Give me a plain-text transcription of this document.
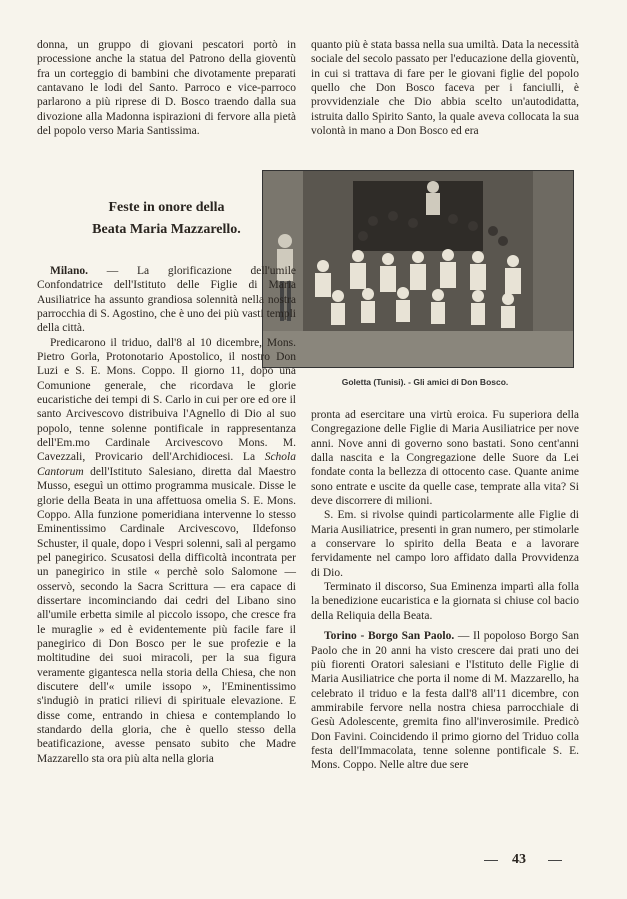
donna, un gruppo di giovani pescatori portò in processione anche la statua del Patrono della gioventù fra un corteggio di bambini che divotamente preparati cantavano le lodi del Santo. Parroco e vice-parroco parlarono a più riprese di D. Bosco traendo dalla sua divozione alla Madonna ispirazioni di fervore alla pietà del popolo verso Maria Santissima.

quanto più è stata bassa nella sua umiltà. Data la necessità sociale del secolo passato per l'educazione della gioventù, in cui si trattava di fare per le giovani figlie del popolo quello che Don Bosco faceva per i fanciulli, è provvidenziale che Dio abbia scelto un'autodidatta, istruita dallo Spirito Santo, la quale aveva collocata la sua volontà in mano a Don Bosco ed era

Feste in onore della
Beata Maria Mazzarello.
Goletta (Tunisi). - Gli amici di Don Bosco.

Milano. — La glorificazione dell'umile Confondatrice dell'Istituto delle Figlie di Maria Ausiliatrice ha assunto grandiosa solennità nella nostra parrocchia di S. Agostino, che è uno dei più vasti templi della città.

Predicarono il triduo, dall'8 al 10 dicembre, Mons. Pietro Gorla, Protonotario Apostolico, il nostro Don Luzi e S. E. Mons. Coppo. Il giorno 11, dopo una Comunione generale, che ricordava le glorie eucaristiche dei tempi di S. Carlo in cui per ore ed ore il santo Arcivescovo distribuiva l'Agnello di Dio al suo popolo, tenne solenne pontificale in rappresentanza dell'Em.mo Cardinale Arcivescovo Mons. M. Cavezzali, Provicario dell'Archidiocesi. La Schola Cantorum dell'Istituto Salesiano, diretta dal Maestro Musso, eseguì un ottimo programma musicale. Disse le glorie della Beata in una affettuosa omelia S. E. Mons. Coppo. Alla funzione pomeridiana intervenne lo stesso Eminentissimo Cardinale Arcivescovo, Ildefonso Schuster, il quale, dopo i Vespri solenni, salì al pergamo pel panegirico. Scusatosi della difficoltà incontrata per un panegirico in stile « perchè solo Salomone — osservò, secondo la Sacra Scrittura — era capace di dissertare incominciando dai cedri del Libano sino all'umile erbetta simile al piccolo issopo, che cresce fra le muraglie » ed è evidentemente più facile fare il panegirico di Don Bosco per le sue profezie e la moltitudine dei suoi miracoli, per la sua figura veramente gigantesca nella storia della Chiesa, che non discutere dell'« umile issopo », l'Eminentissimo s'indugiò in pratici rilievi di spirituale elevazione. E disse come, entrando in chiesa e contemplando lo standardo della gloria, che è quello stesso della beatificazione, avesse pensato subito che Madre Mazzarello sta ora più alta nella gloria

pronta ad esercitare una virtù eroica. Fu superiora della Congregazione delle Figlie di Maria Ausiliatrice per nove anni. Nove anni di governo sono bastati. Sono cent'anni dalla nascita e la Congregazione delle Suore da Lei fondate conta la bellezza di ottocento case. Quante anime sono entrate e uscite da quelle case, temprate alla vita? Si deve discorrere di milioni.

S. Em. si rivolse quindi particolarmente alle Figlie di Maria Ausiliatrice, presenti in gran numero, per stimolarle a conservare lo spirito della Beata e a lavorare fervidamente nel campo loro affidato dalla Provvidenza di Dio.

Terminato il discorso, Sua Eminenza impartì alla folla la benedizione eucaristica e la giornata si chiuse col bacio della Reliquia della Beata.

Torino - Borgo San Paolo. — Il popoloso Borgo San Paolo che in 20 anni ha visto crescere dai prati uno dei più fiorenti Oratori salesiani e l'Istituto delle Figlie di Maria Ausiliatrice che porta il nome di M. Mazzarello, ha celebrato il triduo e la festa dall'8 all'11 dicembre, con ammirabile fervore nella nostra chiesa parrocchiale di Gesù Adolescente, gremita fino all'inverosimile. Predicò Don Favini. Coincidendo il primo giorno del Triduo colla festa dell'Immacolata, tenne solenne pontificale S. E. Mons. Coppo. Nelle altre due sere

43
